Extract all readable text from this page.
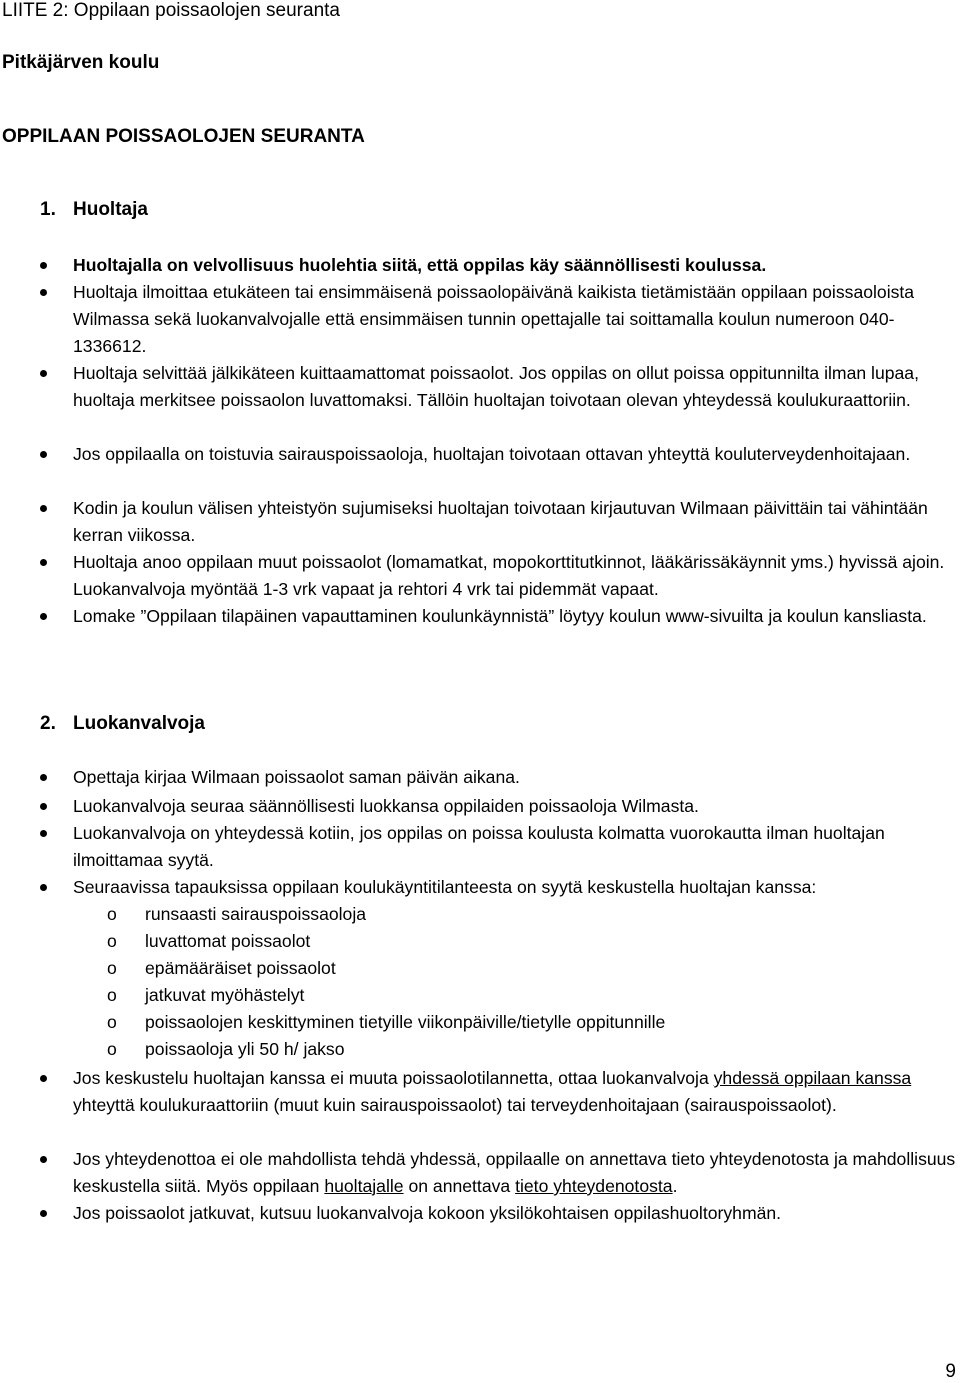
LIITE 2: Oppilaan poissaolojen seuranta
Pitkäjärven koulu
OPPILAAN POISSAOLOJEN SEURANTA
1. Huoltaja
Huoltajalla on velvollisuus huolehtia siitä, että oppilas käy säännöllisesti koulussa.
Huoltaja ilmoittaa etukäteen tai ensimmäisenä poissaolopäivänä kaikista tietämistään oppilaan poissaoloista Wilmassa sekä luokanvalvojalle että ensimmäisen tunnin opettajalle tai soittamalla koulun numeroon 040-1336612.
Huoltaja selvittää jälkikäteen kuittaamattomat poissaolot. Jos oppilas on ollut poissa oppitunnilta ilman lupaa, huoltaja merkitsee poissaolon luvattomaksi. Tällöin huoltajan toivotaan olevan yhteydessä koulukuraattoriin.
Jos oppilaalla on toistuvia sairauspoissaoloja, huoltajan toivotaan ottavan yhteyttä kouluterveydenhoitajaan.
Kodin ja koulun välisen yhteistyön sujumiseksi huoltajan toivotaan kirjautuvan Wilmaan päivittäin tai vähintään kerran viikossa.
Huoltaja anoo oppilaan muut poissaolot (lomamatkat, mopokorttitutkinnot, lääkärissäkäynnit yms.) hyvissä ajoin. Luokanvalvoja myöntää 1-3 vrk vapaat ja rehtori 4 vrk tai pidemmät vapaat.
Lomake ”Oppilaan tilapäinen vapauttaminen koulunkäynnistä” löytyy koulun www-sivuilta ja koulun kansliasta.
2. Luokanvalvoja
Opettaja kirjaa Wilmaan poissaolot saman päivän aikana.
Luokanvalvoja seuraa säännöllisesti luokkansa oppilaiden poissaoloja Wilmasta.
Luokanvalvoja on yhteydessä kotiin, jos oppilas on poissa koulusta kolmatta vuorokautta ilman huoltajan ilmoittamaa syytä.
Seuraavissa tapauksissa oppilaan koulukäyntitilanteesta on syytä keskustella huoltajan kanssa:
o runsaasti sairauspoissaoloja
o luvattomat poissaolot
o epämääräiset poissaolot
o jatkuvat myöhästelyt
o poissaolojen keskittyminen tietyille viikonpäiville/tietylle oppitunnille
o poissaoloja yli 50 h/ jakso
Jos keskustelu huoltajan kanssa ei muuta poissaolotilannetta, ottaa luokanvalvoja yhdessä oppilaan kanssa yhteyttä koulukuraattoriin (muut kuin sairauspoissaolot) tai terveydenhoitajaan (sairauspoissaolot).
Jos yhteydenottoa ei ole mahdollista tehdä yhdessä, oppilaalle on annettava tieto yhteydenotosta ja mahdollisuus keskustella siitä. Myös oppilaan huoltajalle on annettava tieto yhteydenotosta.
Jos poissaolot jatkuvat, kutsuu luokanvalvoja kokoon yksilökohtaisen oppilashuoltoryhmän.
9
